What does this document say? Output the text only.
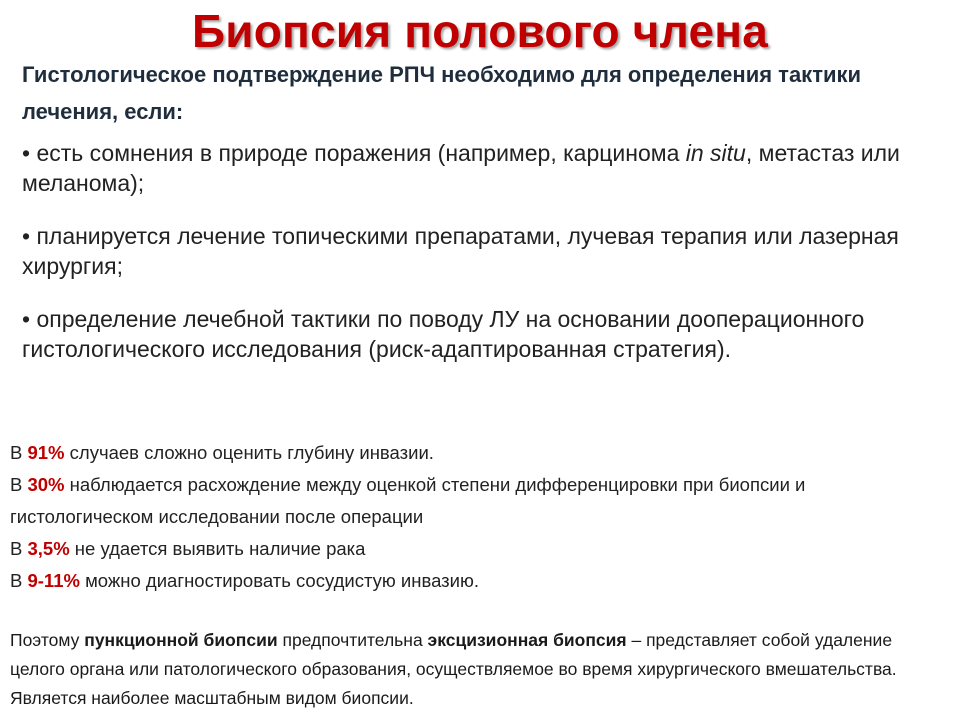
Биопсия полового члена
Гистологическое подтверждение РПЧ необходимо для определения тактики лечения, если:
• есть сомнения в природе поражения (например, карцинома in situ, метастаз или меланома);
• планируется лечение топическими препаратами, лучевая терапия или лазерная хирургия;
• определение лечебной тактики по поводу ЛУ на основании дооперационного гистологического исследования (риск-адаптированная стратегия).
В 91% случаев сложно оценить глубину инвазии.
В 30% наблюдается расхождение между оценкой степени дифференцировки при биопсии и гистологическом исследовании после операции
В 3,5% не удается выявить наличие рака
В 9-11% можно диагностировать сосудистую инвазию.
Поэтому пункционной биопсии предпочтительна эксцизионная биопсия – представляет собой удаление целого органа или патологического образования, осуществляемое во время хирургического вмешательства. Является наиболее масштабным видом биопсии.
